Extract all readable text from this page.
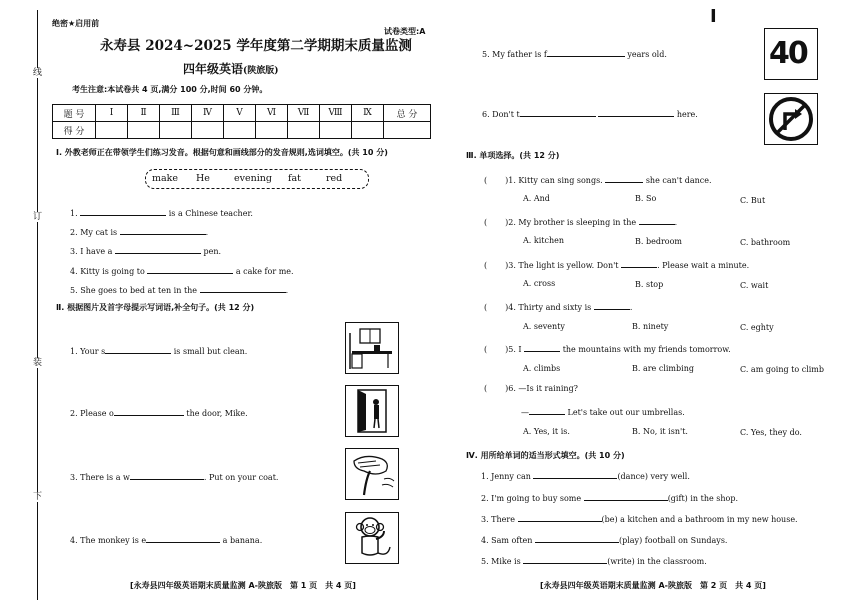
线
订
装
下
绝密★启用前
永寿县 2024~2025 学年度第二学期期末质量监测
试卷类型:A
四年级英语(陕旅版)
考生注意:本试卷共 4 页,满分 100 分,时间 60 分钟。
题 号	Ⅰ	Ⅱ	Ⅲ	Ⅳ	Ⅴ	Ⅵ	Ⅶ	Ⅷ	Ⅸ	总 分
得 分										
Ⅰ. 外教老师正在带领学生们练习发音。根据句意和画线部分的发音规则,选词填空。(共 10 分)
make He	evening fat	red
1.	is a Chinese teacher.
2. My cat is	.
3. I have a	pen.
4. Kitty is going to	a cake for me.
5. She goes to bed at ten in the	.
Ⅱ. 根据图片及首字母提示写词语,补全句子。(共 12 分)
1. Your s	is small but clean.
2. Please o	the door, Mike.
3. There is a w	. Put on your coat.
4. The monkey is e	a banana.
[永寿县四年级英语期末质量监测 A-陕旅版　第 1 页　共 4 页]
I
5. My father is f	years old.
6. Don't t	here.
40
Ⅲ. 单项选择。(共 12 分)
( )1. Kitty can sing songs.	she can't dance.
A. And	B. So	C. But
( )2. My brother is sleeping in the	.
A. kitchen	B. bedroom	C. bathroom
( )3. The light is yellow. Don't	. Please wait a minute.
A. cross	B. stop	C. wait
( )4. Thirty and sixty is	.
A. seventy	B. ninety	C. eghty
( )5. I	the mountains with my friends tomorrow.
A. climbs	B. are climbing	C. am going to climb
( )6. —Is it raining?
—	Let's take out our umbrellas.
A. Yes, it is.	B. No, it isn't.	C. Yes, they do.
Ⅳ. 用所给单词的适当形式填空。(共 10 分)
1. Jenny can	(dance) very well.
2. I'm going to buy some	(gift) in the shop.
3. There	(be) a kitchen and a bathroom in my new house.
4. Sam often	(play) football on Sundays.
5. Mike is	(write) in the classroom.
[永寿县四年级英语期末质量监测 A-陕旅版　第 2 页　共 4 页]
